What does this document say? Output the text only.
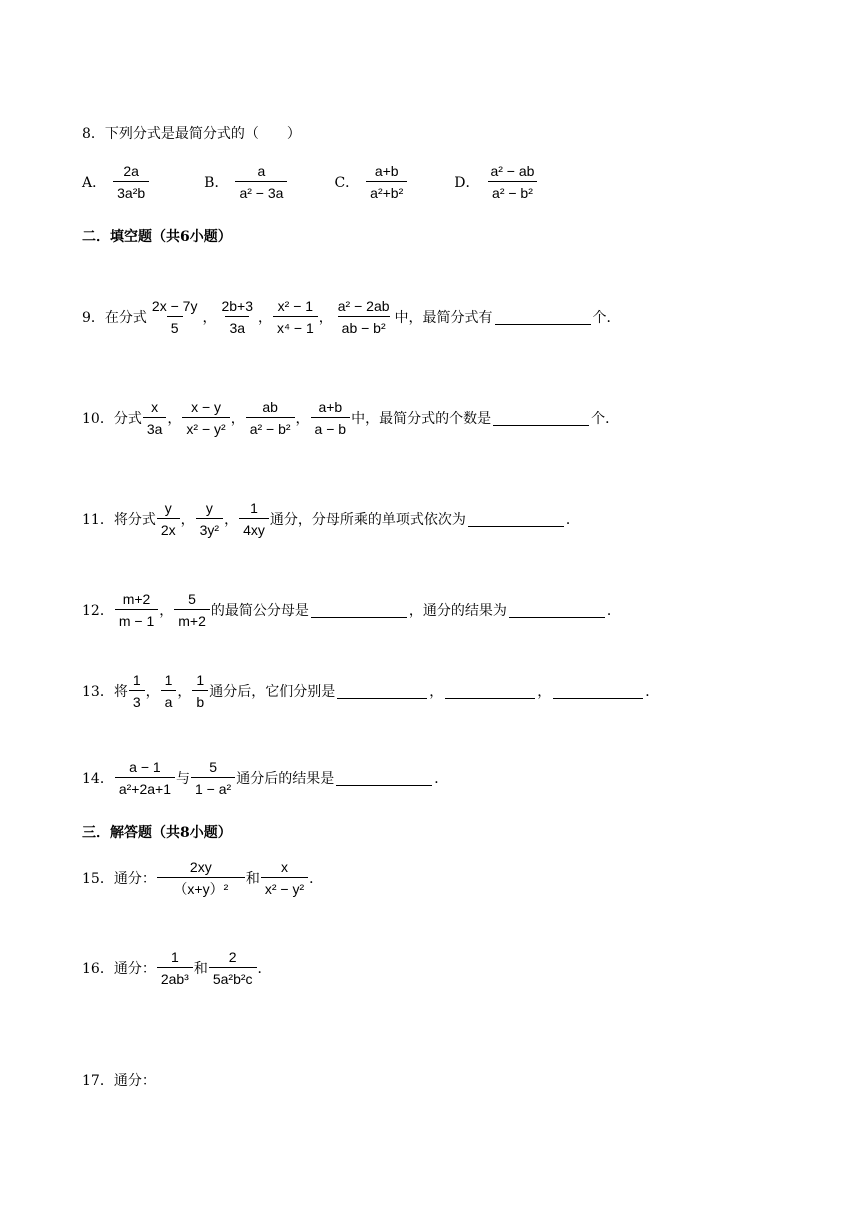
8．下列分式是最简分式的（　　）
A． $\frac{2a}{\text{3a²b}}$	B． $\frac{a}{\text{a² − 3a}}$	C． $\frac{a+b}{\text{a²+b²}}$	D． $\frac{\text{a² − ab}}{\text{a² − b²}}$
二．填空题（共6小题）
9．在分式 $\frac{2x - 7y}{5}$ ， $\frac{2b+3}{3a}$ ， $\frac{\text{x² − 1}}{\text{x⁴ − 1}}$ ， $\frac{\text{a² − 2ab}}{\text{ab − b²}}$ 中，最简分式有	个．
10．分式 $\frac{x}{3a}$ ， $\frac{x - y}{\text{x² − y²}}$ ， $\frac{ab}{\text{a² − b²}}$ ， $\frac{a+b}{a - b}$ 中，最简分式的个数是	个．
11．将分式 $\frac{y}{2x}$ ， $\frac{y}{\text{3y²}}$ ， $\frac{1}{4xy}$ 通分，分母所乘的单项式依次为	．
12． $\frac{m+2}{m - 1}$ ， $\frac{5}{m+2}$ 的最简公分母是	，通分的结果为	．
13．将 $\frac{1}{3}$ ， $\frac{1}{a}$ ， $\frac{1}{b}$ 通分后，它们分别是	，	，	．
14． $\frac{a - 1}{\text{a²+2a+1}}$ 与 $\frac{5}{\text{1 − a²}}$ 通分后的结果是	．
三．解答题（共8小题）
15．通分： $\frac{2xy}{\text{（x+y）²}}$ 和 $\frac{x}{\text{x² − y²}}$ ．
16．通分： $\frac{1}{\text{2ab³}}$ 和 $\frac{2}{\text{5a²b²c}}$ ．
17．通分：
